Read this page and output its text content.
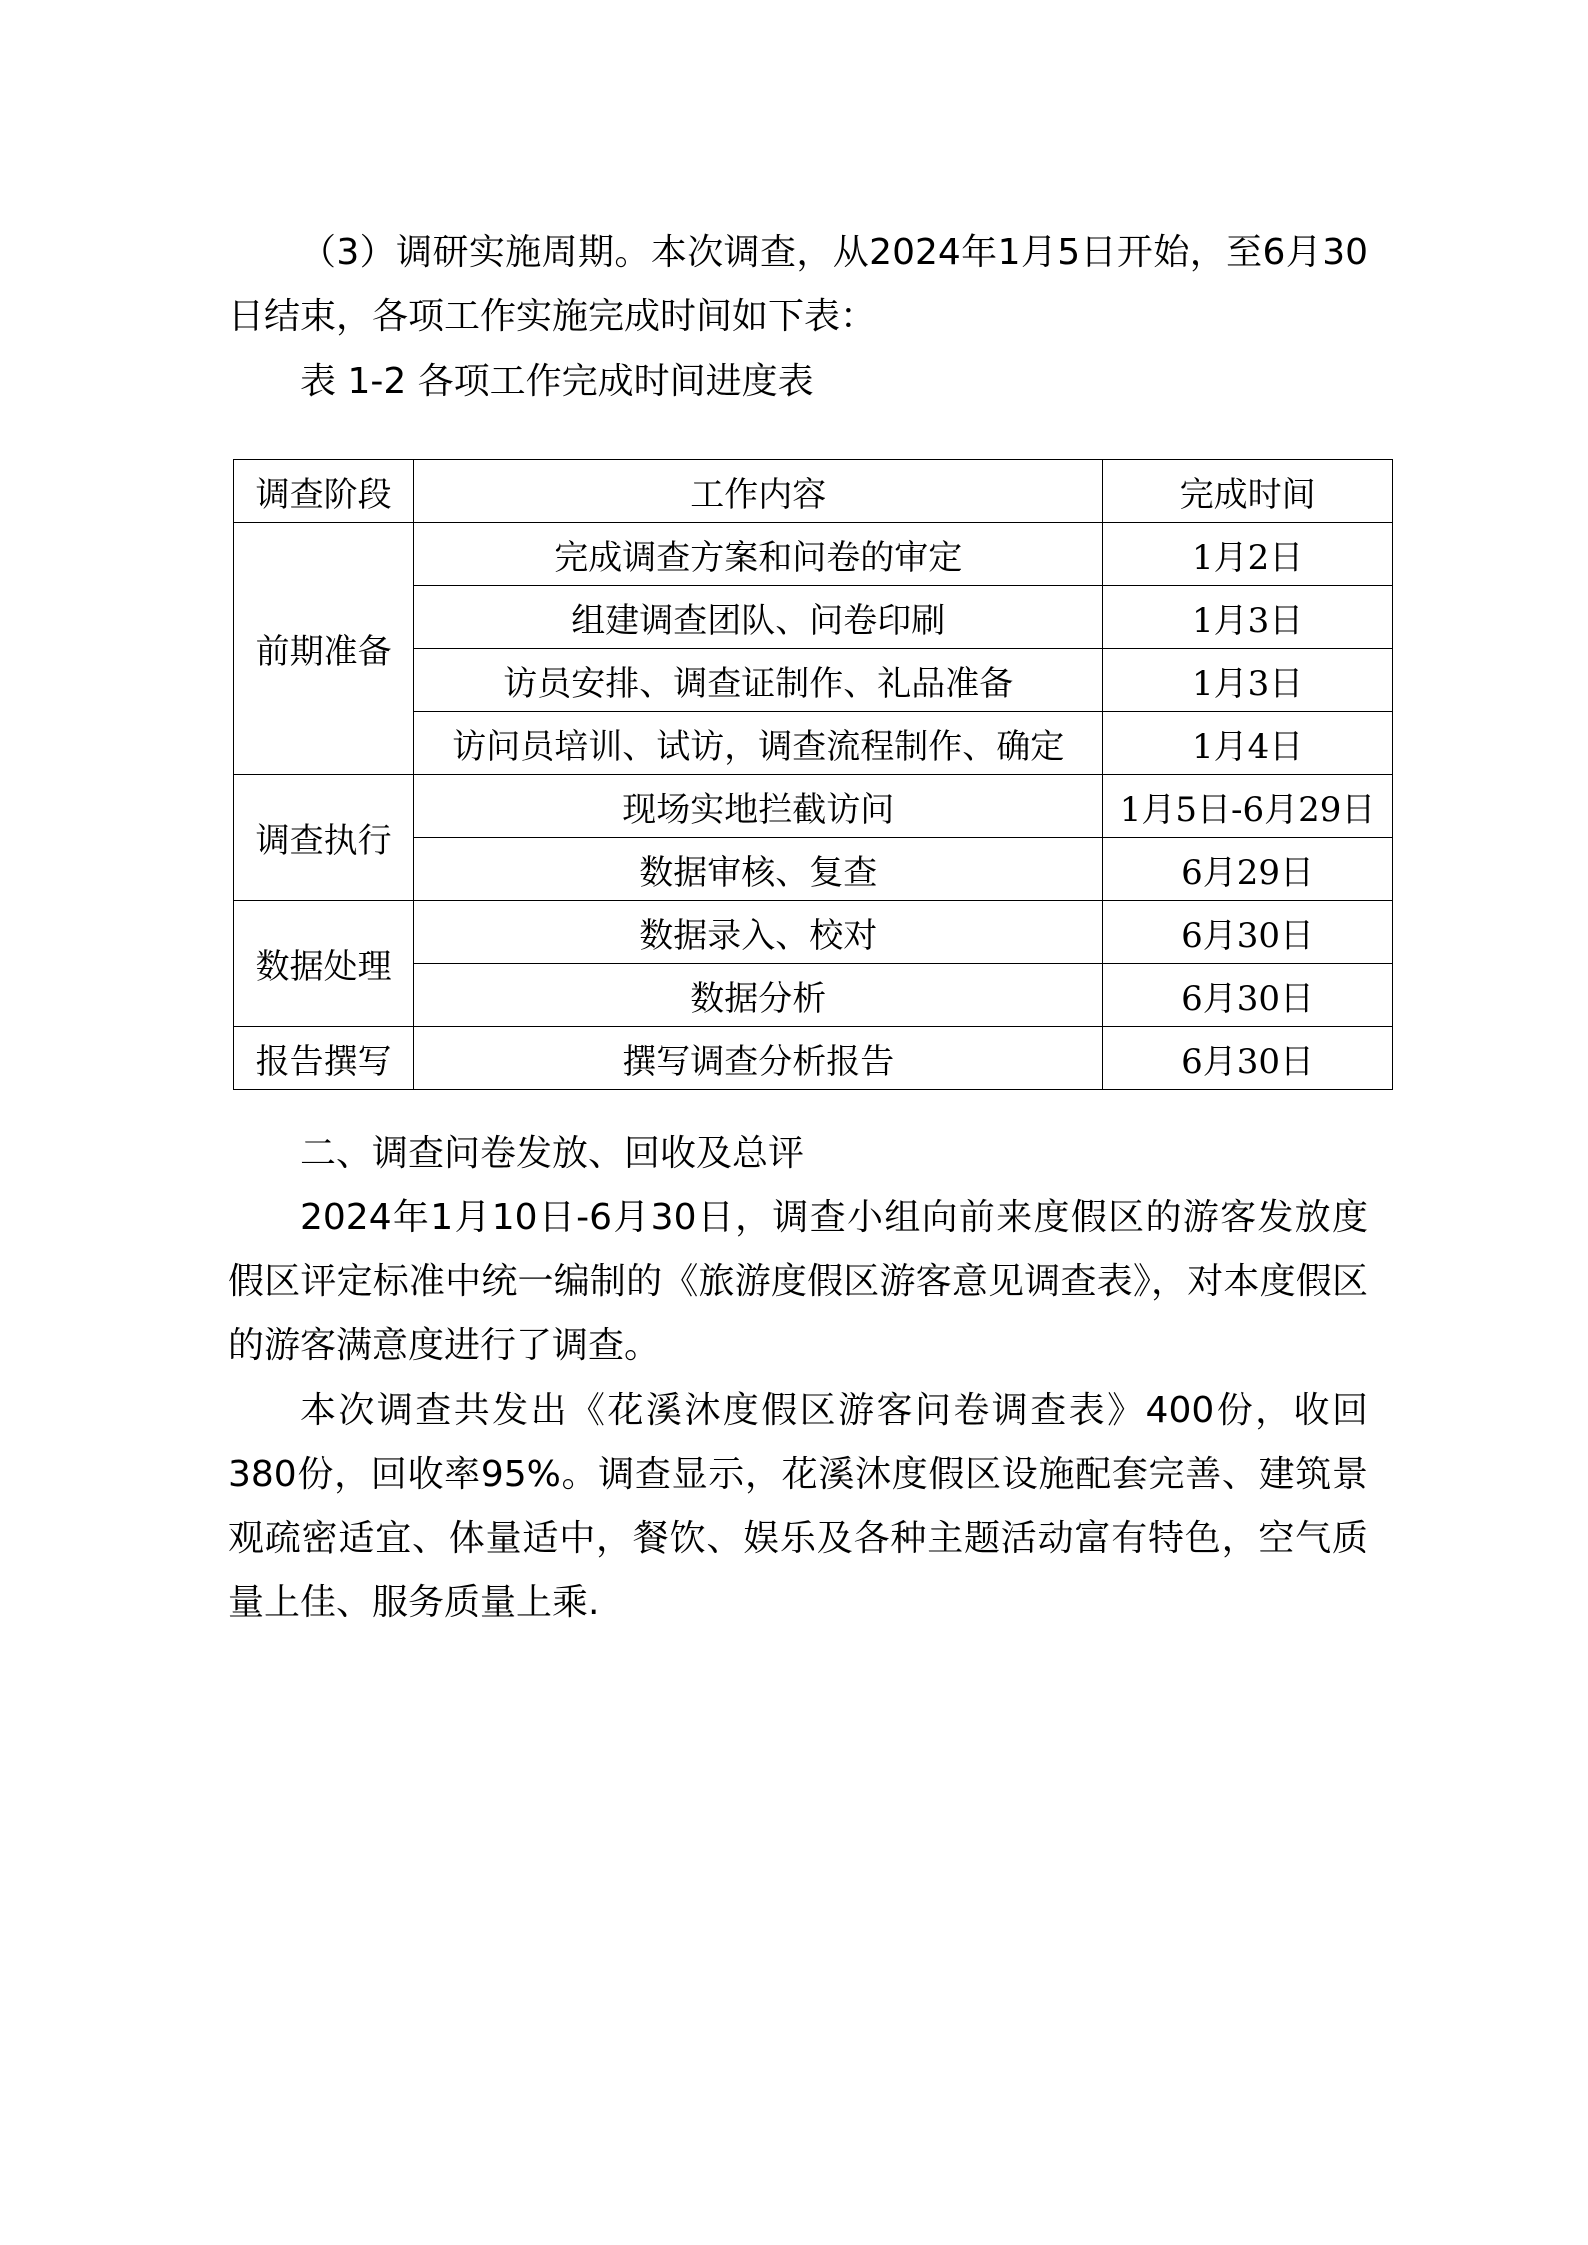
（3）调研实施周期。本次调查，从2024年1月5日开始，至6月30日结束，各项工作实施完成时间如下表：

表 1-2 各项工作完成时间进度表

调查阶段	工作内容	完成时间
前期准备	完成调查方案和问卷的审定	1月2日
	组建调查团队、问卷印刷	1月3日
	访员安排、调查证制作、礼品准备	1月3日
	访问员培训、试访，调查流程制作、确定	1月4日
调查执行	现场实地拦截访问	1月5日-6月29日
	数据审核、复查	6月29日
数据处理	数据录入、校对	6月30日
	数据分析	6月30日
报告撰写	撰写调查分析报告	6月30日

二、调查问卷发放、回收及总评

2024年1月10日-6月30日，调查小组向前来度假区的游客发放度假区评定标准中统一编制的《旅游度假区游客意见调查表》，对本度假区的游客满意度进行了调查。

本次调查共发出《花溪沐度假区游客问卷调查表》400份，收回380份，回收率95%。调查显示，花溪沐度假区设施配套完善、建筑景观疏密适宜、体量适中，餐饮、娱乐及各种主题活动富有特色，空气质量上佳、服务质量上乘.
